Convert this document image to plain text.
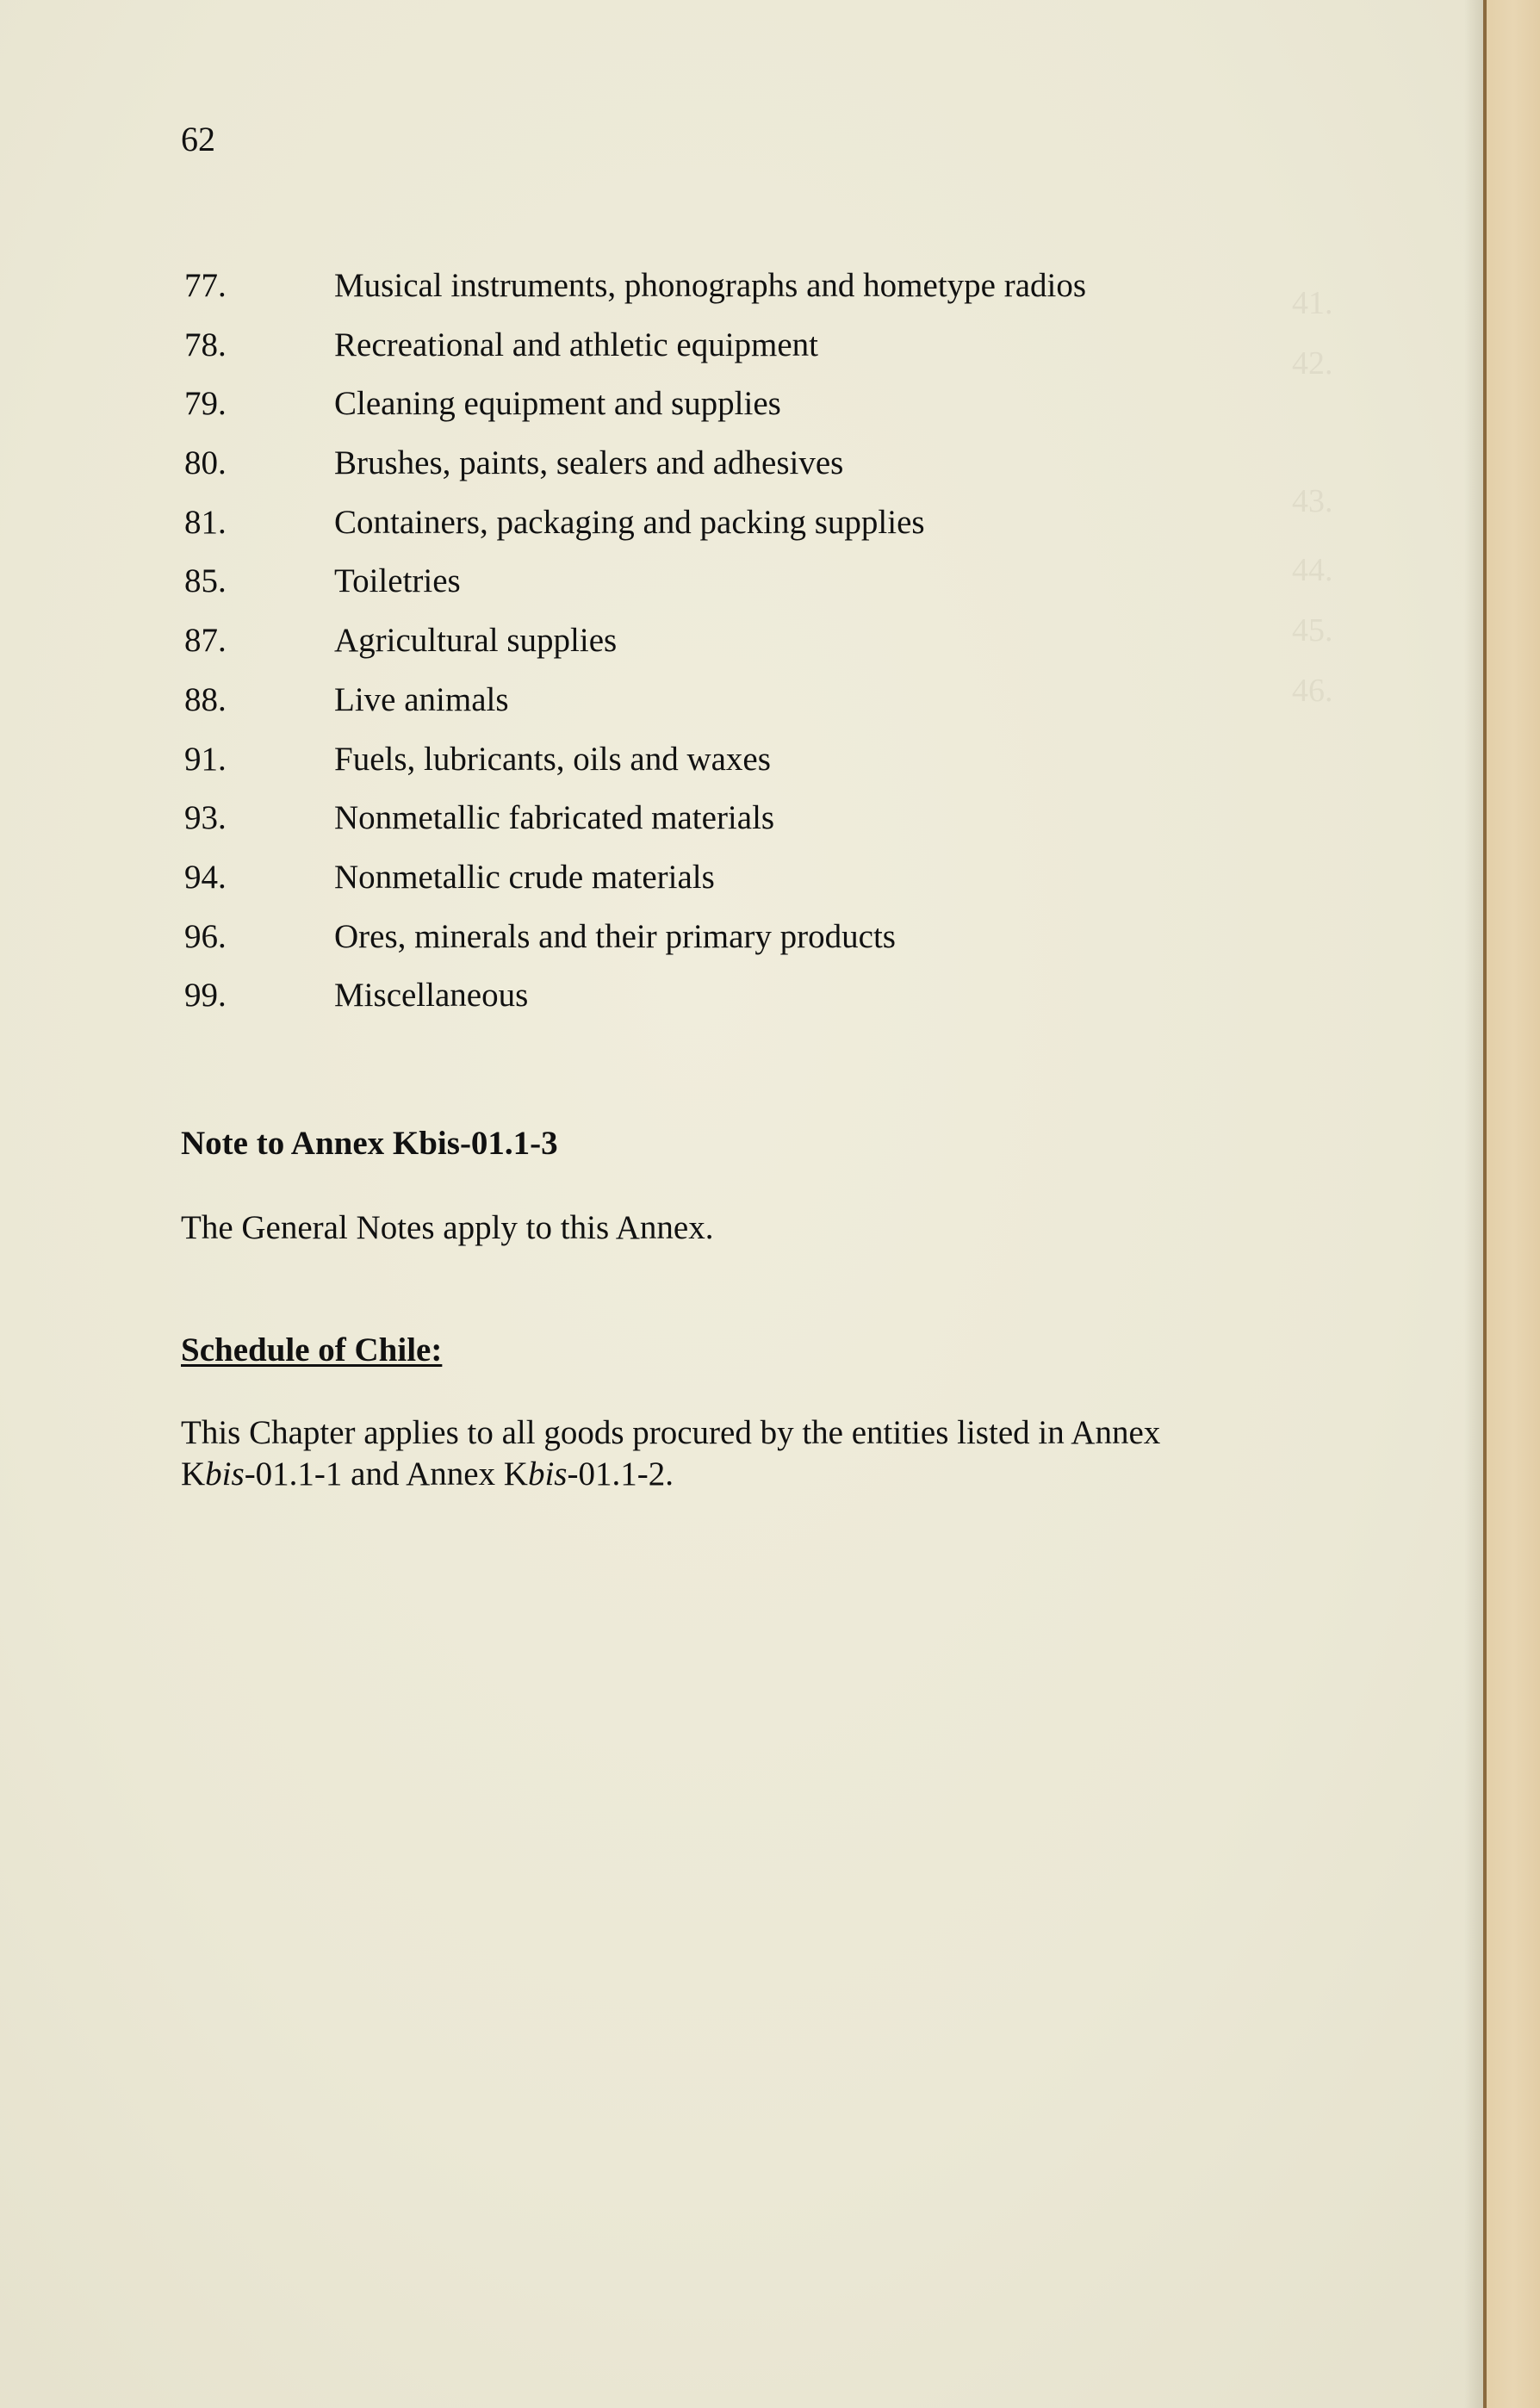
41.
42.
43.
44.
45.
46.
62
77.	Musical instruments, phonographs and hometype radios
78.	Recreational and athletic equipment
79.	Cleaning equipment and supplies
80.	Brushes, paints, sealers and adhesives
81.	Containers, packaging and packing supplies
85.	Toiletries
87.	Agricultural supplies
88.	Live animals
91.	Fuels, lubricants, oils and waxes
93.	Nonmetallic fabricated materials
94.	Nonmetallic crude materials
96.	Ores, minerals and their primary products
99.	Miscellaneous
Note to Annex Kbis-01.1-3
The General Notes apply to this Annex.
Schedule of Chile:
This Chapter applies to all goods procured by the entities listed in Annex Kbis-01.1-1 and Annex Kbis-01.1-2.
